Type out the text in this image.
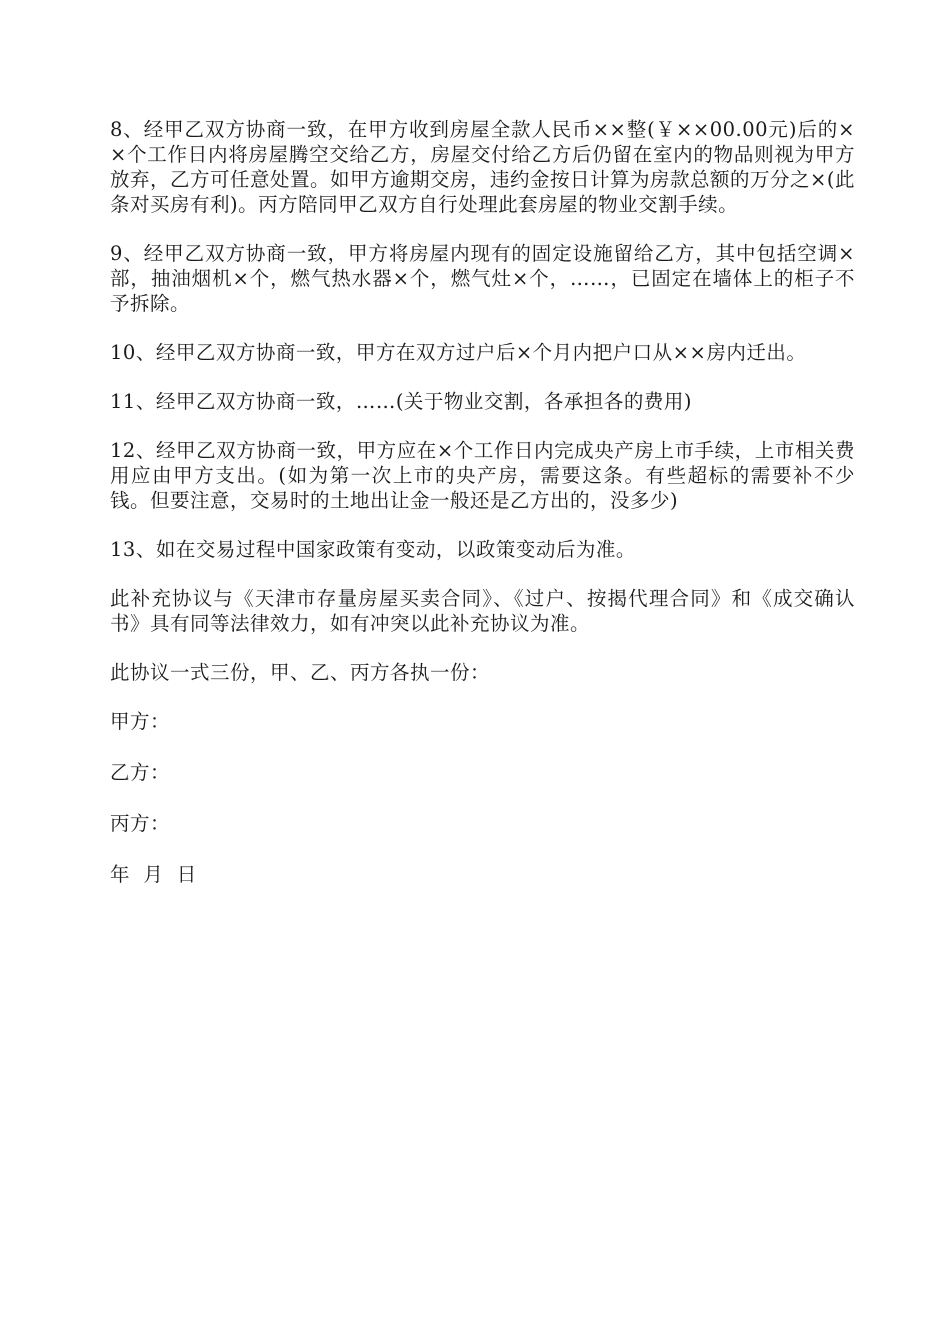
8、经甲乙双方协商一致，在甲方收到房屋全款人民币××整(￥××00.00元)后的××个工作日内将房屋腾空交给乙方，房屋交付给乙方后仍留在室内的物品则视为甲方放弃，乙方可任意处置。如甲方逾期交房，违约金按日计算为房款总额的万分之×(此条对买房有利)。丙方陪同甲乙双方自行处理此套房屋的物业交割手续。

9、经甲乙双方协商一致，甲方将房屋内现有的固定设施留给乙方，其中包括空调×部，抽油烟机×个，燃气热水器×个，燃气灶×个，……，已固定在墙体上的柜子不予拆除。

10、经甲乙双方协商一致，甲方在双方过户后×个月内把户口从××房内迁出。

11、经甲乙双方协商一致，……(关于物业交割，各承担各的费用)

12、经甲乙双方协商一致，甲方应在×个工作日内完成央产房上市手续，上市相关费用应由甲方支出。(如为第一次上市的央产房，需要这条。有些超标的需要补不少钱。但要注意，交易时的土地出让金一般还是乙方出的，没多少)

13、如在交易过程中国家政策有变动，以政策变动后为准。

此补充协议与《天津市存量房屋买卖合同》、《过户、按揭代理合同》和《成交确认书》具有同等法律效力，如有冲突以此补充协议为准。

此协议一式三份，甲、乙、丙方各执一份：

甲方：

乙方：

丙方：

年  月  日
